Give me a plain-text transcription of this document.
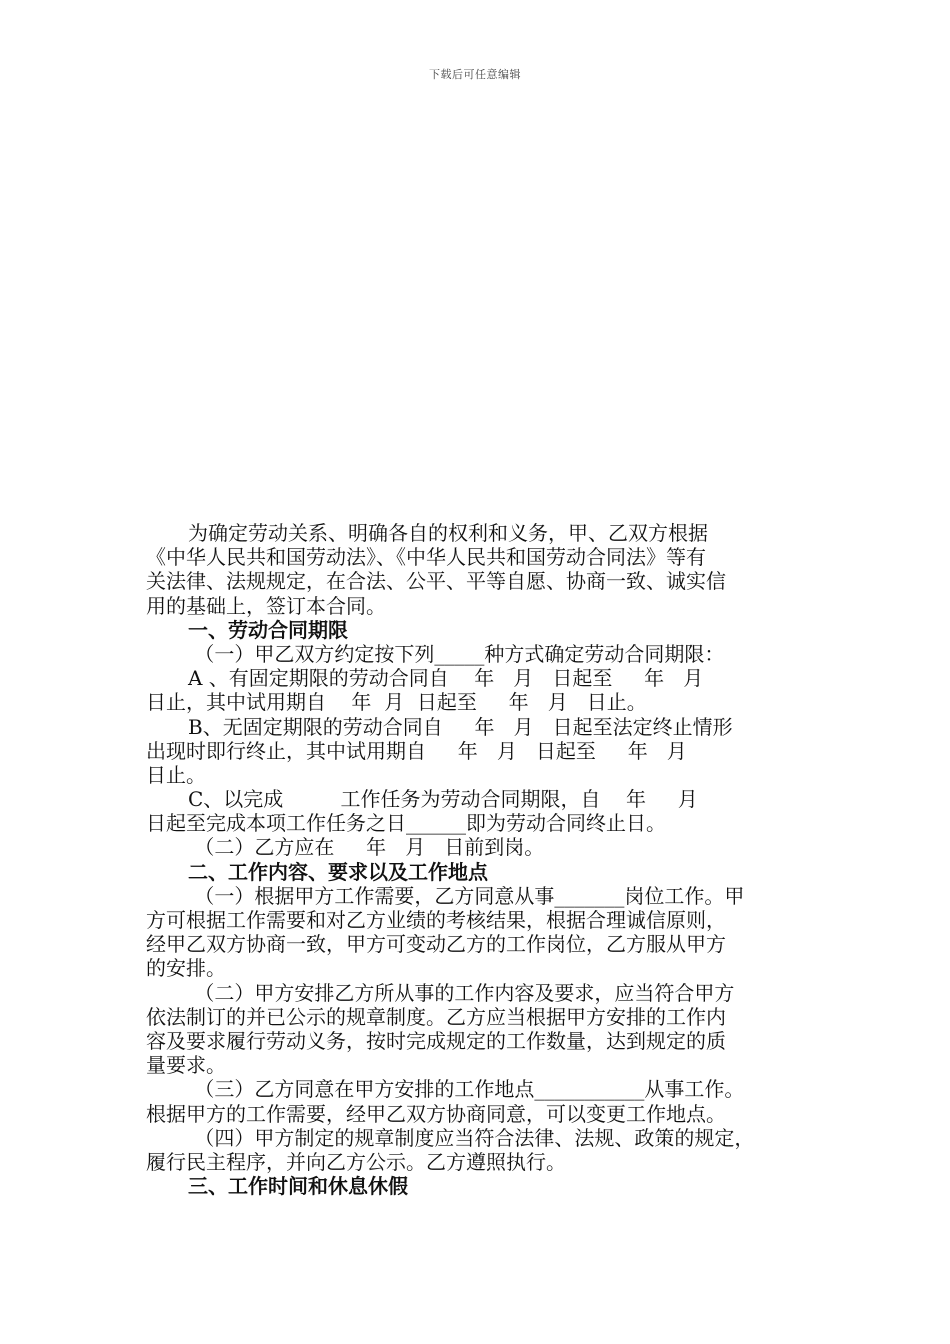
下载后可任意编辑
为确定劳动关系、明确各自的权利和义务，甲、乙双方根据
《中华人民共和国劳动法》、《中华人民共和国劳动合同法》等有
关法律、法规规定，在合法、公平、平等自愿、协商一致、诚实信
用的基础上，签订本合同。
一、劳动合同期限
（一）甲乙双方约定按下列_____种方式确定劳动合同期限：
A 、有固定期限的劳动合同自    年   月   日起至     年   月
日止，其中试用期自    年  月  日起至     年   月   日止。
B、无固定期限的劳动合同自     年   月   日起至法定终止情形
出现时即行终止，其中试用期自     年   月   日起至     年   月
日止。
C、以完成         工作任务为劳动合同期限，自    年     月
日起至完成本项工作任务之日______即为劳动合同终止日。
（二）乙方应在     年   月   日前到岗。
二、工作内容、要求以及工作地点
（一）根据甲方工作需要，乙方同意从事_______岗位工作。甲
方可根据工作需要和对乙方业绩的考核结果，根据合理诚信原则，
经甲乙双方协商一致，甲方可变动乙方的工作岗位，乙方服从甲方
的安排。
（二）甲方安排乙方所从事的工作内容及要求，应当符合甲方
依法制订的并已公示的规章制度。乙方应当根据甲方安排的工作内
容及要求履行劳动义务，按时完成规定的工作数量，达到规定的质
量要求。
（三）乙方同意在甲方安排的工作地点___________从事工作。
根据甲方的工作需要，经甲乙双方协商同意，可以变更工作地点。
（四）甲方制定的规章制度应当符合法律、法规、政策的规定，
履行民主程序，并向乙方公示。乙方遵照执行。
三、工作时间和休息休假
